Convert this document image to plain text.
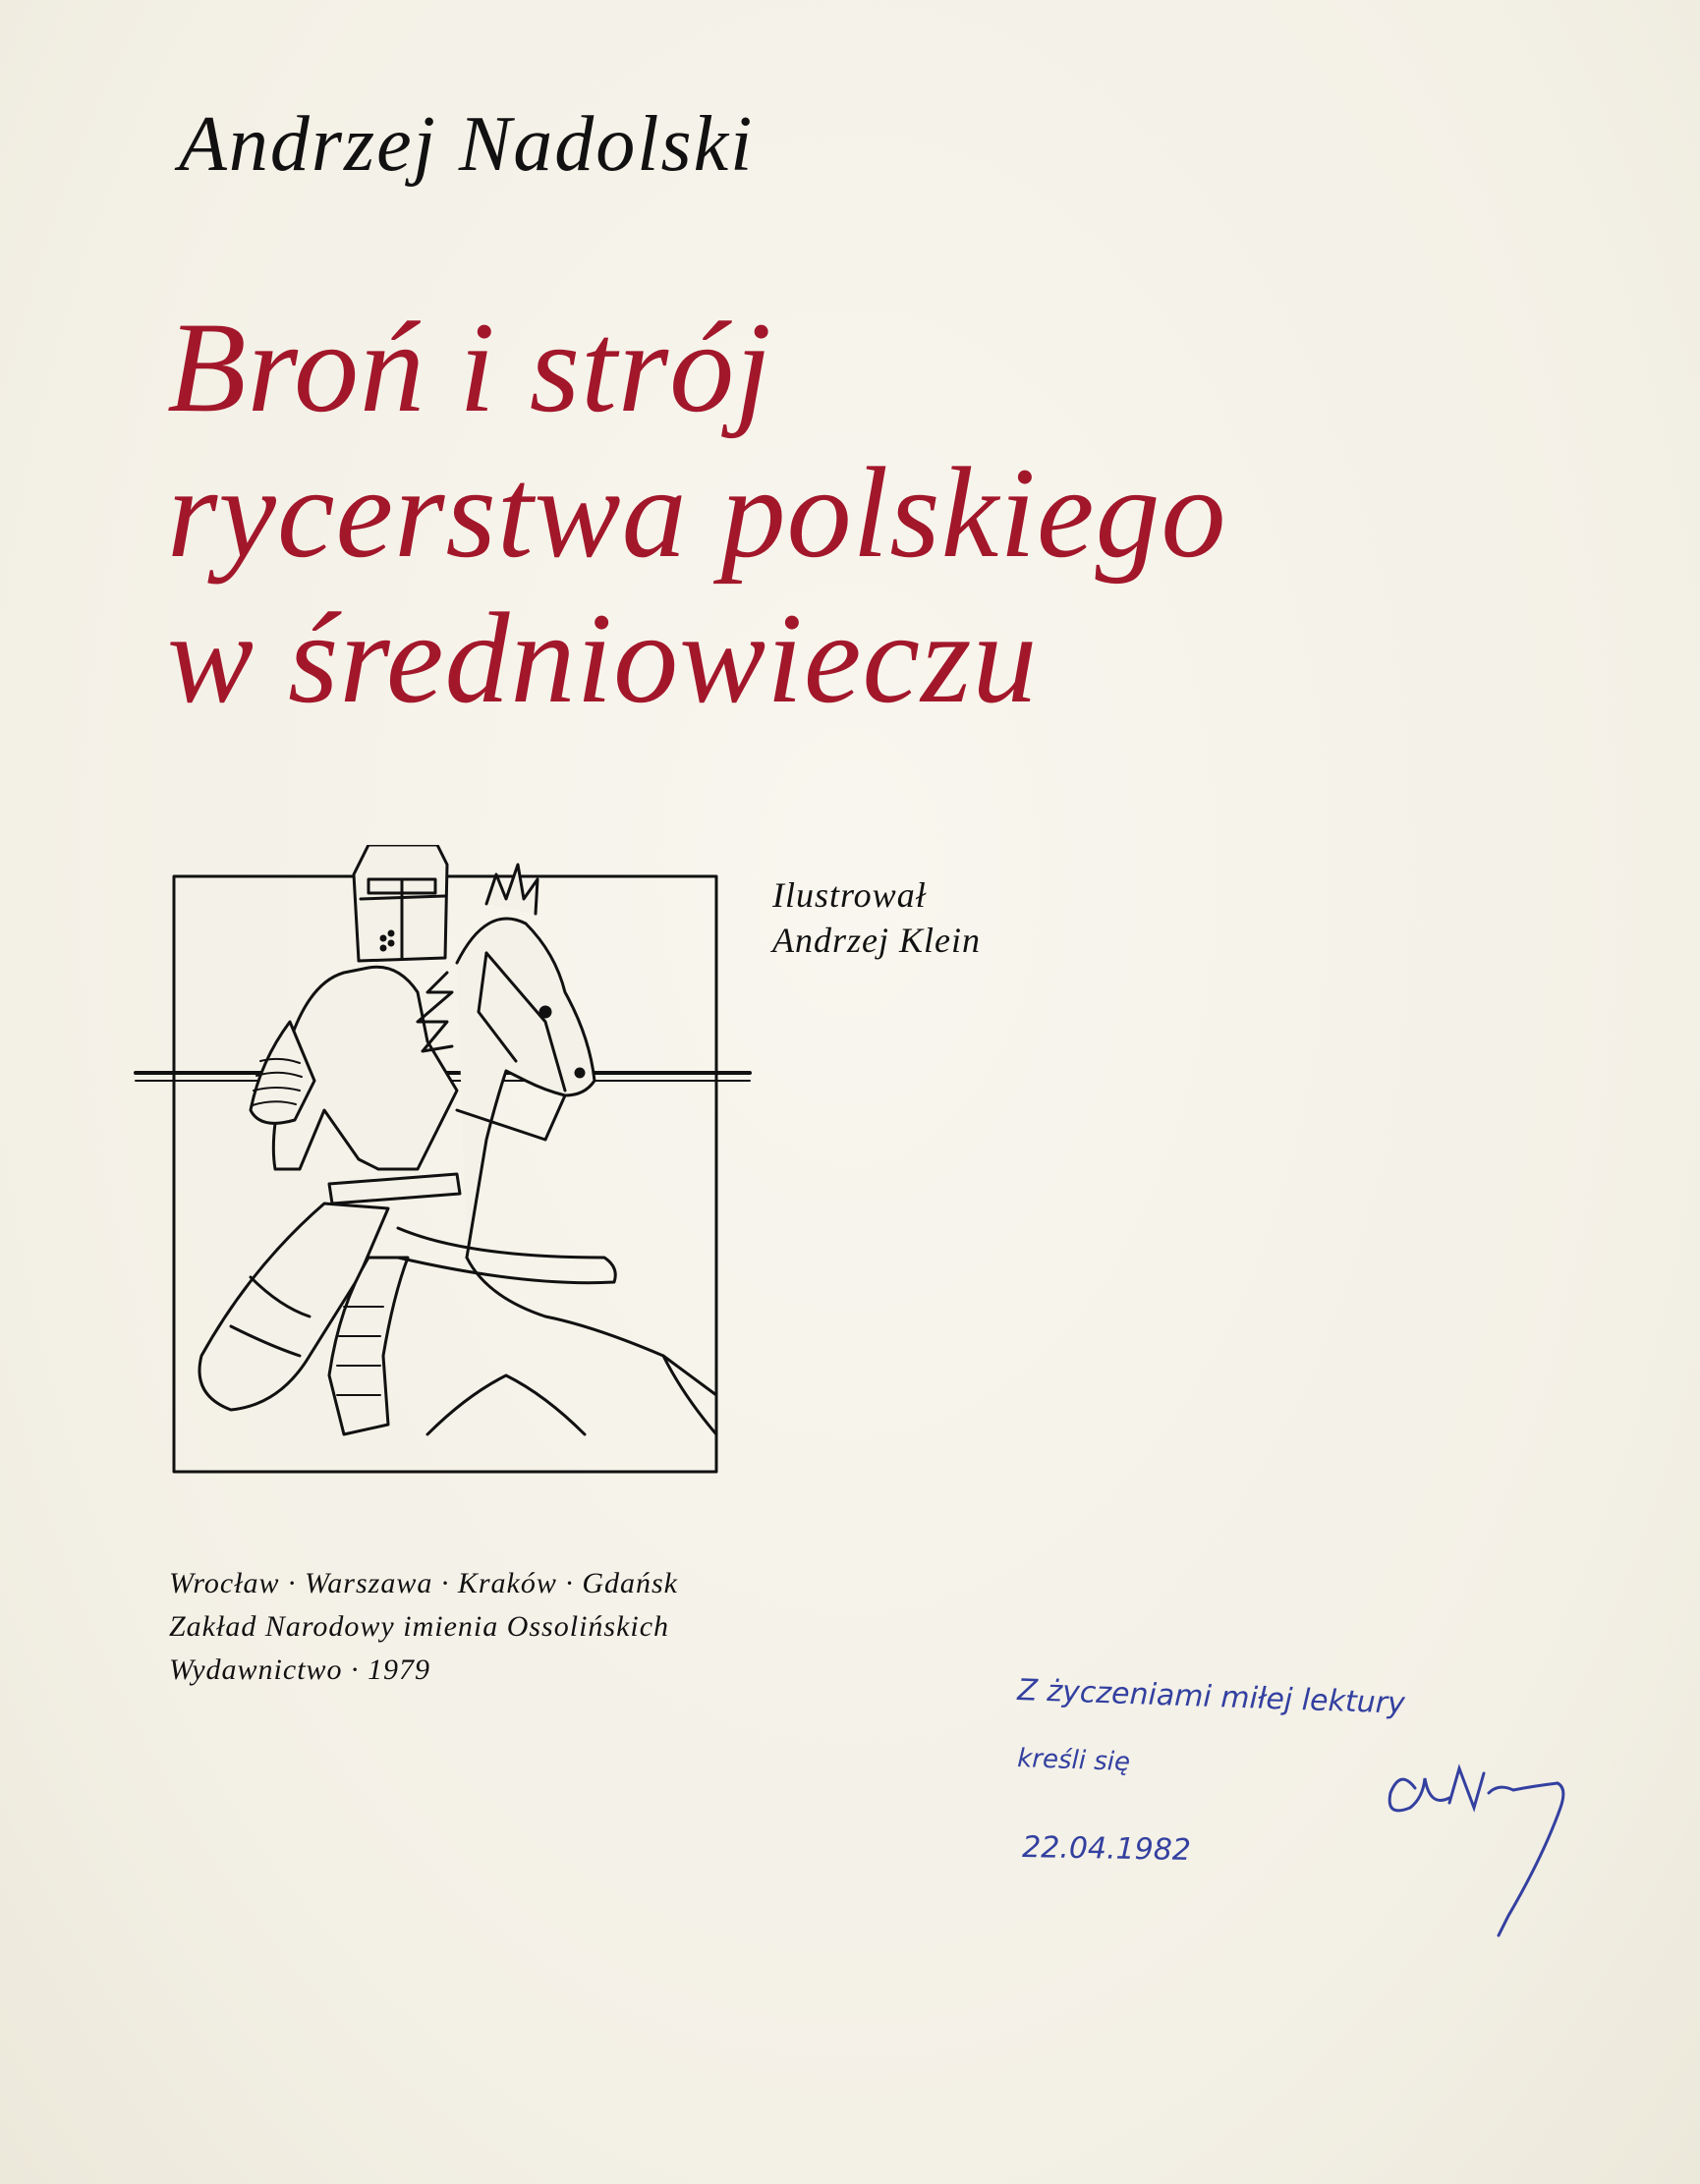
Andrzej Nadolski
Broń i strój
rycerstwa polskiego
w średniowieczu
Ilustrował
Andrzej Klein
Wrocław · Warszawa · Kraków · Gdańsk
Zakład Narodowy imienia Ossolińskich
Wydawnictwo · 1979
Z życzeniami miłej lektury
kreśli się
22.04.1982
